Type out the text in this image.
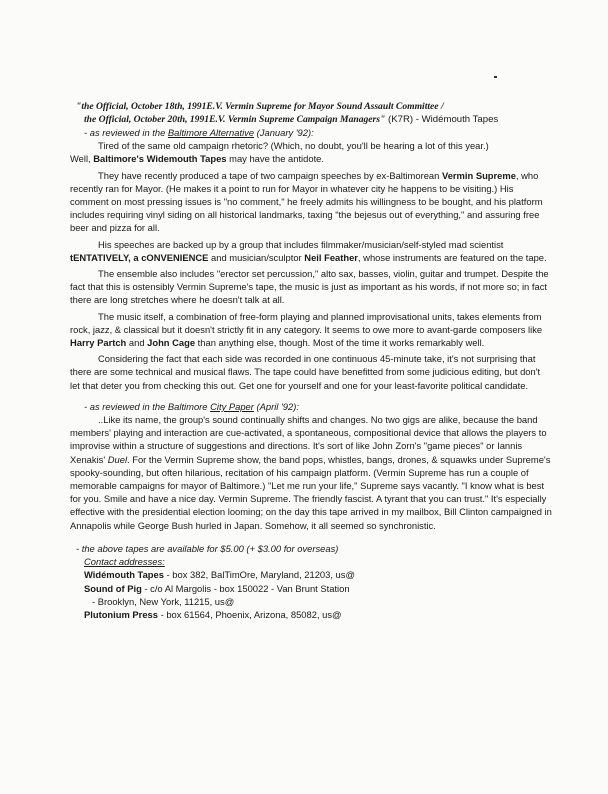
"the Official, October 18th, 1991E.V. Vermin Supreme for Mayor Sound Assault Committee /
the Official, October 20th, 1991E.V. Vermin Supreme Campaign Managers" (K7R) - Widémouth Tapes
- as reviewed in the Baltimore Alternative (January '92):

Tired of the same old campaign rhetoric? (Which, no doubt, you'll be hearing a lot of this year.)
Well, Baltimore's Widemouth Tapes may have the antidote.

They have recently produced a tape of two campaign speeches by ex-Baltimorean Vermin Supreme, who recently ran for Mayor. (He makes it a point to run for Mayor in whatever city he happens to be visiting.) His comment on most pressing issues is "no comment," he freely admits his willingness to be bought, and his platform includes requiring vinyl siding on all historical landmarks, taxing "the bejesus out of everything," and assuring free beer and pizza for all.

His speeches are backed up by a group that includes filmmaker/musician/self-styled mad scientist tENTATIVELY, a cONVENIENCE and musician/sculptor Neil Feather, whose instruments are featured on the tape.

The ensemble also includes "erector set percussion," alto sax, basses, violin, guitar and trumpet. Despite the fact that this is ostensibly Vermin Supreme's tape, the music is just as important as his words, if not more so; in fact there are long stretches where he doesn't talk at all.

The music itself, a combination of free-form playing and planned improvisational units, takes elements from rock, jazz, & classical but it doesn't strictly fit in any category. It seems to owe more to avant-garde composers like Harry Partch and John Cage than anything else, though. Most of the time it works remarkably well.

Considering the fact that each side was recorded in one continuous 45-minute take, it's not surprising that there are some technical and musical flaws. The tape could have benefitted from some judicious editing, but don't let that deter you from checking this out. Get one for yourself and one for your least-favorite political candidate.

- as reviewed in the Baltimore City Paper (April '92):

..Like its name, the group's sound continually shifts and changes. No two gigs are alike, because the band members' playing and interaction are cue-activated, a spontaneous, compositional device that allows the players to improvise within a structure of suggestions and directions. It's sort of like John Zorn's "game pieces" or Iannis Xenakis' Duel. For the Vermin Supreme show, the band pops, whistles, bangs, drones, & squawks under Supreme's spooky-sounding, but often hilarious, recitation of his campaign platform. (Vermin Supreme has run a couple of memorable campaigns for mayor of Baltimore.) "Let me run your life," Supreme says vacantly. "I know what is best for you. Smile and have a nice day. Vermin Supreme. The friendly fascist. A tyrant that you can trust." It's especially effective with the presidential election looming; on the day this tape arrived in my mailbox, Bill Clinton campaigned in Annapolis while George Bush hurled in Japan. Somehow, it all seemed so synchronistic.

- the above tapes are available for $5.00 (+ $3.00 for overseas)
Contact addresses:
Widémouth Tapes - box 382, BalTimOre, Maryland, 21203, us@
Sound of Pig - c/o Al Margolis - box 150022 - Van Brunt Station
- Brooklyn, New York, 11215, us@
Plutonium Press - box 61564, Phoenix, Arizona, 85082, us@
